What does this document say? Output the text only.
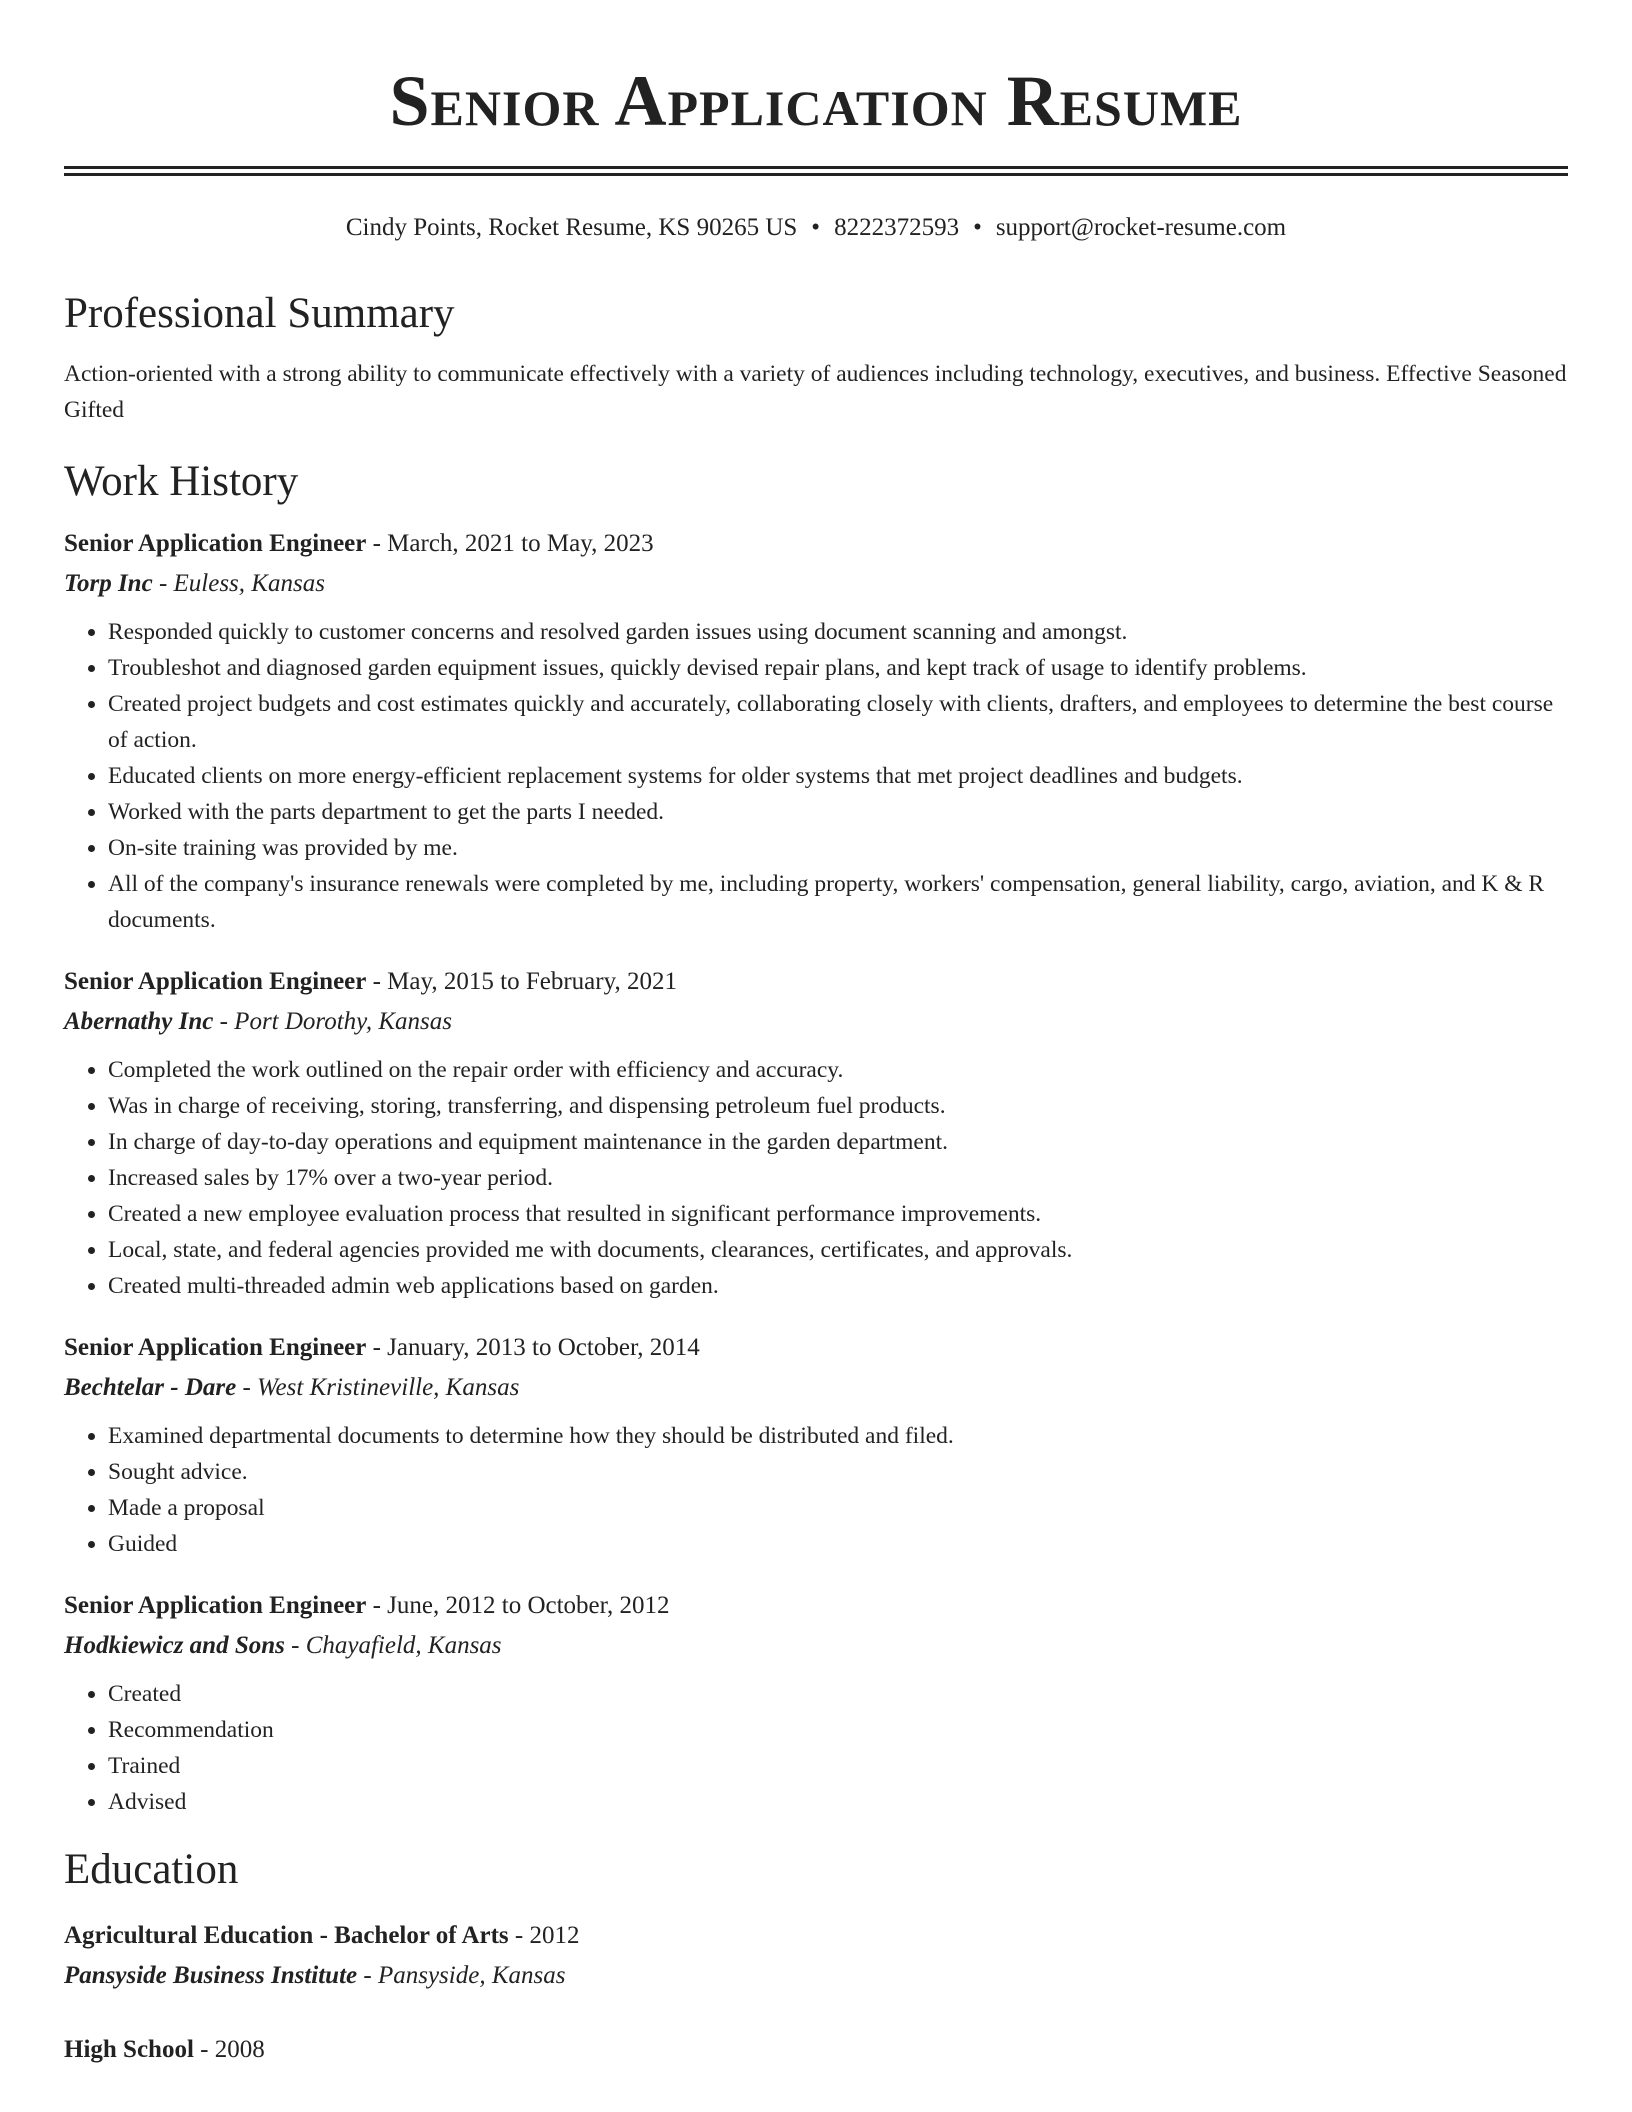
Senior Application Resume
Cindy Points, Rocket Resume, KS 90265 US • 8222372593 • support@rocket-resume.com
Professional Summary

Action-oriented with a strong ability to communicate effectively with a variety of audiences including technology, executives, and business. Effective Seasoned Gifted

Work History
Senior Application Engineer - March, 2021 to May, 2023
Torp Inc - Euless, Kansas
• Responded quickly to customer concerns and resolved garden issues using document scanning and amongst.
• Troubleshot and diagnosed garden equipment issues, quickly devised repair plans, and kept track of usage to identify problems.
• Created project budgets and cost estimates quickly and accurately, collaborating closely with clients, drafters, and employees to determine the best course of action.
• Educated clients on more energy-efficient replacement systems for older systems that met project deadlines and budgets.
• Worked with the parts department to get the parts I needed.
• On-site training was provided by me.
• All of the company's insurance renewals were completed by me, including property, workers' compensation, general liability, cargo, aviation, and K & R documents.
Senior Application Engineer - May, 2015 to February, 2021
Abernathy Inc - Port Dorothy, Kansas
• Completed the work outlined on the repair order with efficiency and accuracy.
• Was in charge of receiving, storing, transferring, and dispensing petroleum fuel products.
• In charge of day-to-day operations and equipment maintenance in the garden department.
• Increased sales by 17% over a two-year period.
• Created a new employee evaluation process that resulted in significant performance improvements.
• Local, state, and federal agencies provided me with documents, clearances, certificates, and approvals.
• Created multi-threaded admin web applications based on garden.
Senior Application Engineer - January, 2013 to October, 2014
Bechtelar - Dare - West Kristineville, Kansas
• Examined departmental documents to determine how they should be distributed and filed.
• Sought advice.
• Made a proposal
• Guided
Senior Application Engineer - June, 2012 to October, 2012
Hodkiewicz and Sons - Chayafield, Kansas
• Created
• Recommendation
• Trained
• Advised
Education
Agricultural Education - Bachelor of Arts - 2012
Pansyside Business Institute - Pansyside, Kansas
High School - 2008
